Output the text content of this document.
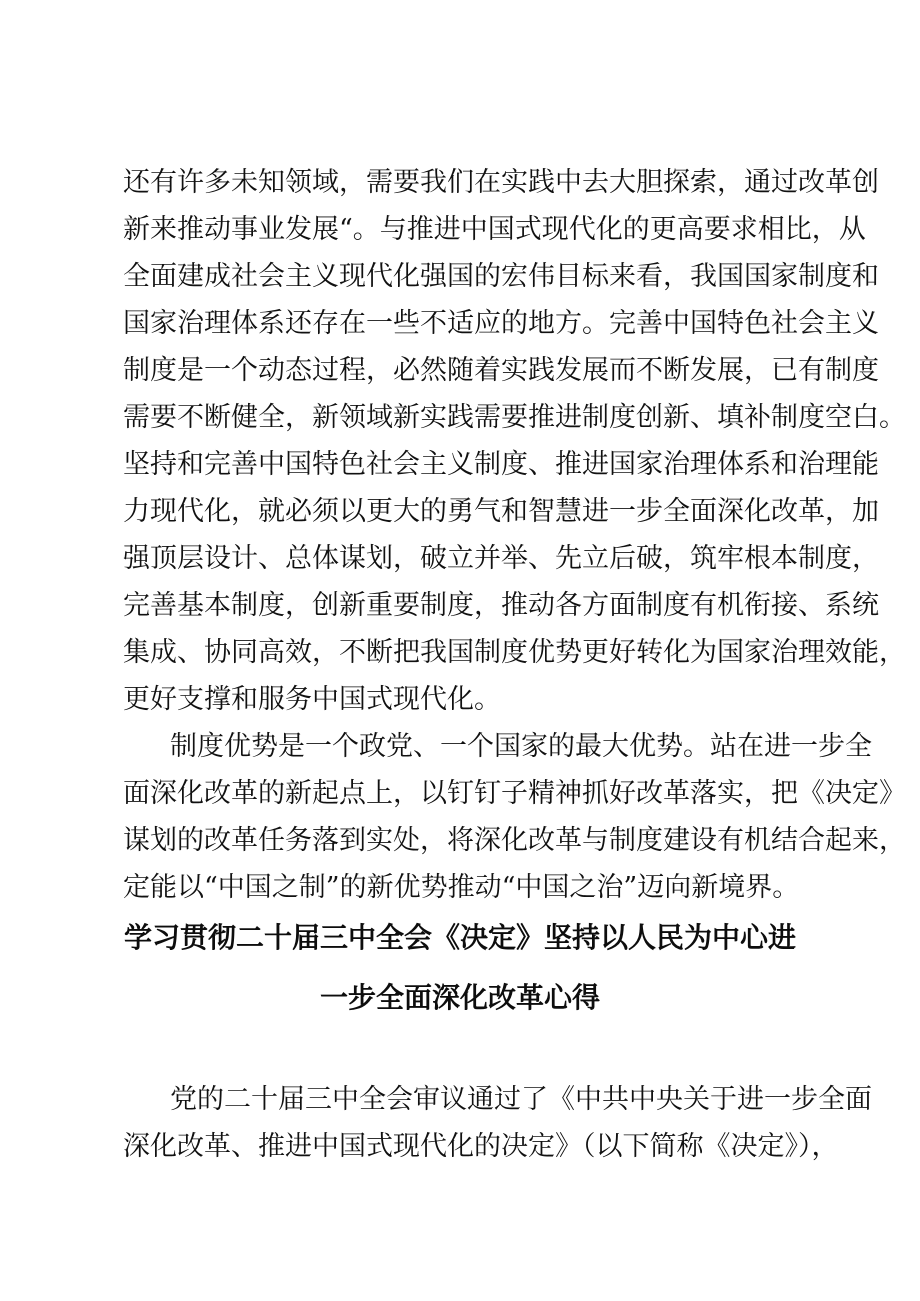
还有许多未知领域，需要我们在实践中去大胆探索，通过改革创
新来推动事业发展“。与推进中国式现代化的更高要求相比，从
全面建成社会主义现代化强国的宏伟目标来看，我国国家制度和
国家治理体系还存在一些不适应的地方。完善中国特色社会主义
制度是一个动态过程，必然随着实践发展而不断发展，已有制度
需要不断健全，新领域新实践需要推进制度创新、填补制度空白。
坚持和完善中国特色社会主义制度、推进国家治理体系和治理能
力现代化，就必须以更大的勇气和智慧进一步全面深化改革，加
强顶层设计、总体谋划，破立并举、先立后破，筑牢根本制度，
完善基本制度，创新重要制度，推动各方面制度有机衔接、系统
集成、协同高效，不断把我国制度优势更好转化为国家治理效能，
更好支撑和服务中国式现代化。
制度优势是一个政党、一个国家的最大优势。站在进一步全
面深化改革的新起点上，以钉钉子精神抓好改革落实，把《决定》
谋划的改革任务落到实处，将深化改革与制度建设有机结合起来，
定能以“中国之制”的新优势推动“中国之治”迈向新境界。
学习贯彻二十届三中全会《决定》坚持以人民为中心进
一步全面深化改革心得
党的二十届三中全会审议通过了《中共中央关于进一步全面
深化改革、推进中国式现代化的决定》（以下简称《决定》），
